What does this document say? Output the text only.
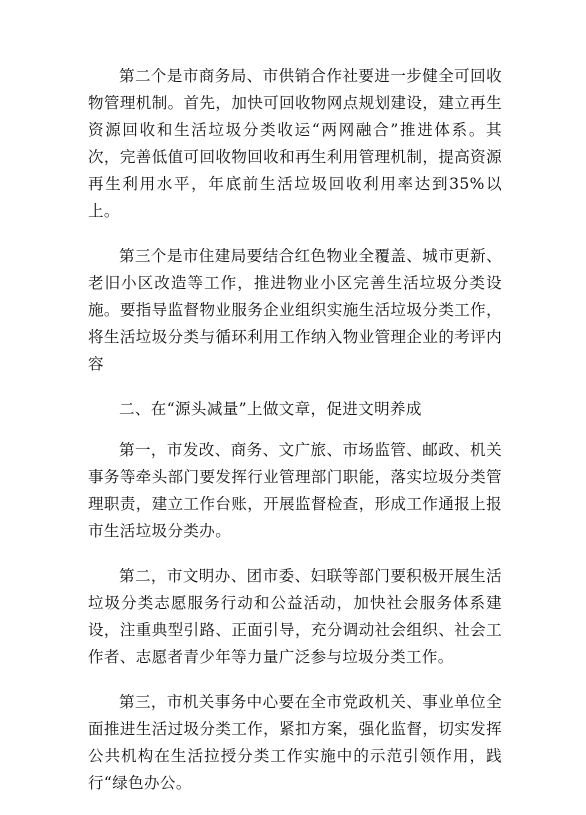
第二个是市商务局、市供销合作社要进一步健全可回收物管理机制。首先，加快可回收物网点规划建设，建立再生资源回收和生活垃圾分类收运“两网融合”推进体系。其次，完善低值可回收物回收和再生利用管理机制，提高资源再生利用水平，年底前生活垃圾回收利用率达到35%以上。

第三个是市住建局要结合红色物业全覆盖、城市更新、老旧小区改造等工作，推进物业小区完善生活垃圾分类设施。要指导监督物业服务企业组织实施生活垃圾分类工作，将生活垃圾分类与循环利用工作纳入物业管理企业的考评内容

二、在“源头减量”上做文章，促进文明养成

第一，市发改、商务、文广旅、市场监管、邮政、机关事务等牵头部门要发挥行业管理部门职能，落实垃圾分类管理职责，建立工作台账，开展监督检查，形成工作通报上报市生活垃圾分类办。

第二，市文明办、团市委、妇联等部门要积极开展生活垃圾分类志愿服务行动和公益活动，加快社会服务体系建设，注重典型引路、正面引导，充分调动社会组织、社会工作者、志愿者青少年等力量广泛参与垃圾分类工作。

第三，市机关事务中心要在全市党政机关、事业单位全面推进生活过圾分类工作，紧扣方案，强化监督，切实发挥公共机构在生活拉授分类工作实施中的示范引领作用，践行“绿色办公。
